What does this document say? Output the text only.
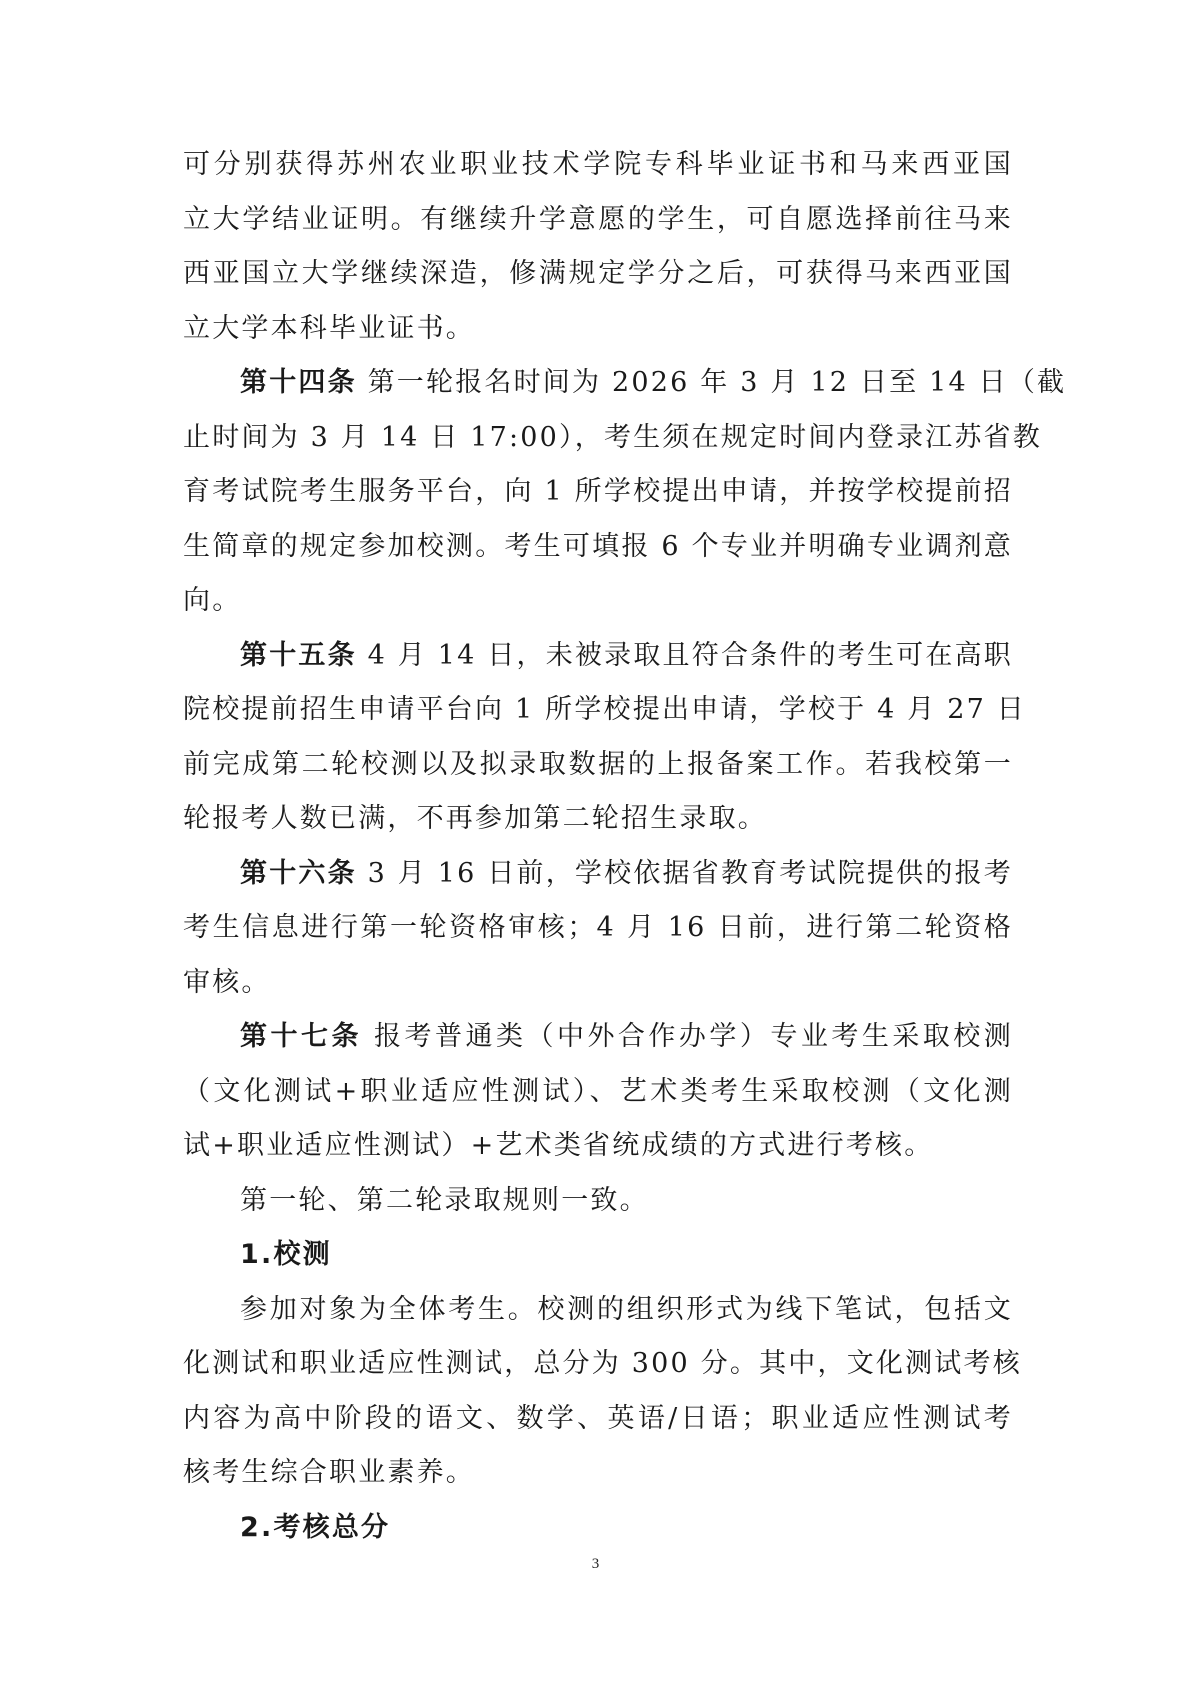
可分别获得苏州农业职业技术学院专科毕业证书和马来西亚国
立大学结业证明。有继续升学意愿的学生，可自愿选择前往马来
西亚国立大学继续深造，修满规定学分之后，可获得马来西亚国
立大学本科毕业证书。
第十四条 第一轮报名时间为 2026 年 3 月 12 日至 14 日（截
止时间为 3 月 14 日 17:00），考生须在规定时间内登录江苏省教
育考试院考生服务平台，向 1 所学校提出申请，并按学校提前招
生简章的规定参加校测。考生可填报 6 个专业并明确专业调剂意
向。
第十五条 4 月 14 日，未被录取且符合条件的考生可在高职
院校提前招生申请平台向 1 所学校提出申请，学校于 4 月 27 日
前完成第二轮校测以及拟录取数据的上报备案工作。若我校第一
轮报考人数已满，不再参加第二轮招生录取。
第十六条 3 月 16 日前，学校依据省教育考试院提供的报考
考生信息进行第一轮资格审核；4 月 16 日前，进行第二轮资格
审核。
第十七条 报考普通类（中外合作办学）专业考生采取校测
（文化测试+职业适应性测试）、艺术类考生采取校测（文化测
试+职业适应性测试）+艺术类省统成绩的方式进行考核。
第一轮、第二轮录取规则一致。
1.校测
参加对象为全体考生。校测的组织形式为线下笔试，包括文
化测试和职业适应性测试，总分为 300 分。其中，文化测试考核
内容为高中阶段的语文、数学、英语/日语；职业适应性测试考
核考生综合职业素养。
2.考核总分
3
